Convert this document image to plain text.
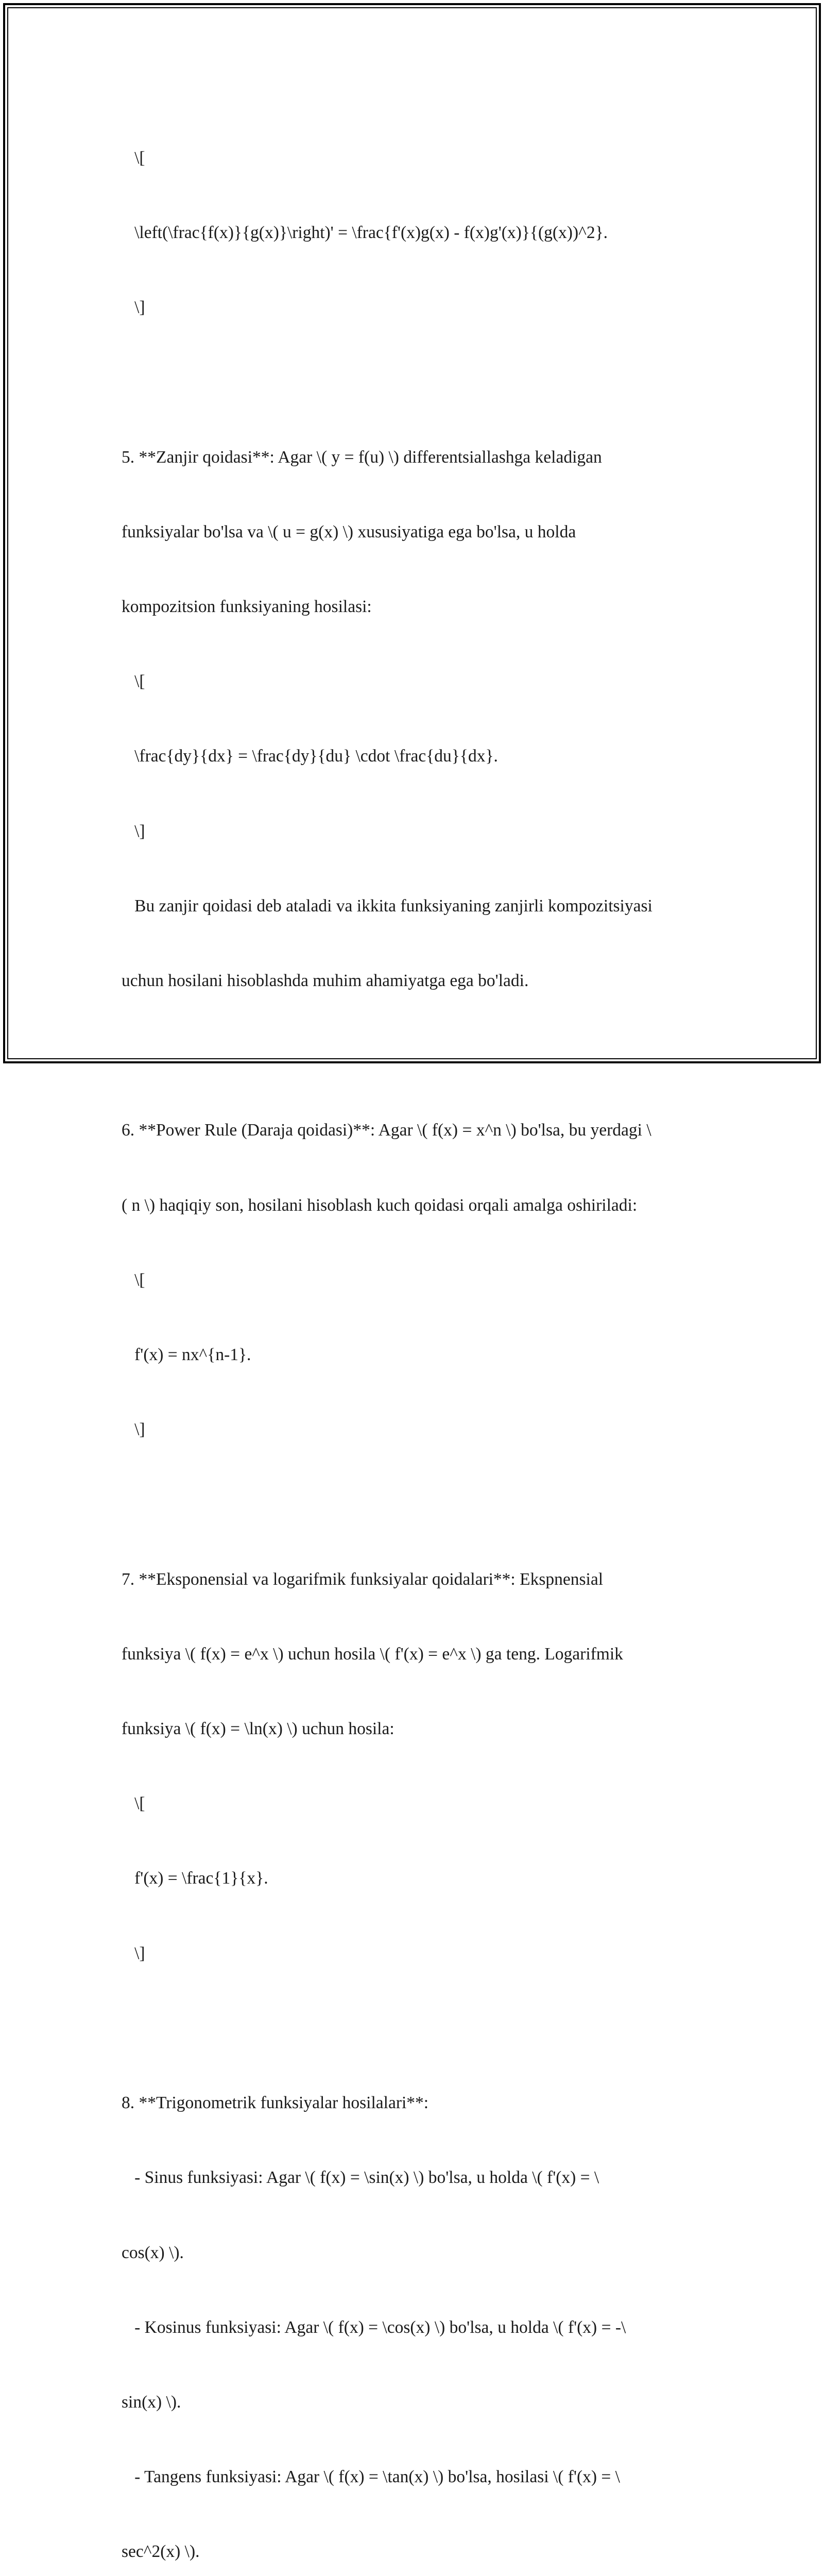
\[

\left(\frac{f(x)}{g(x)}\right)' = \frac{f'(x)g(x) - f(x)g'(x)}{(g(x))^2}.

\]

5. **Zanjir qoidasi**: Agar \( y = f(u) \) differentsiallashga keladigan

funksiyalar bo'lsa va \( u = g(x) \) xususiyatiga ega bo'lsa, u holda

kompozitsion funksiyaning hosilasi:

\[

\frac{dy}{dx} = \frac{dy}{du} \cdot \frac{du}{dx}.

\]

Bu zanjir qoidasi deb ataladi va ikkita funksiyaning zanjirli kompozitsiyasi

uchun hosilani hisoblashda muhim ahamiyatga ega bo'ladi.

6. **Power Rule (Daraja qoidasi)**: Agar \( f(x) = x^n \) bo'lsa, bu yerdagi \

( n \) haqiqiy son, hosilani hisoblash kuch qoidasi orqali amalga oshiriladi:

\[

f'(x) = nx^{n-1}.

\]

7. **Eksponensial va logarifmik funksiyalar qoidalari**: Ekspnensial

funksiya \( f(x) = e^x \) uchun hosila \( f'(x) = e^x \) ga teng. Logarifmik

funksiya \( f(x) = \ln(x) \) uchun hosila:

\[

f'(x) = \frac{1}{x}.

\]

8. **Trigonometrik funksiyalar hosilalari**:

- Sinus funksiyasi: Agar \( f(x) = \sin(x) \) bo'lsa, u holda \( f'(x) = \

cos(x) \).

- Kosinus funksiyasi: Agar \( f(x) = \cos(x) \) bo'lsa, u holda \( f'(x) = -\

sin(x) \).

- Tangens funksiyasi: Agar \( f(x) = \tan(x) \) bo'lsa, hosilasi \( f'(x) = \

sec^2(x) \).
